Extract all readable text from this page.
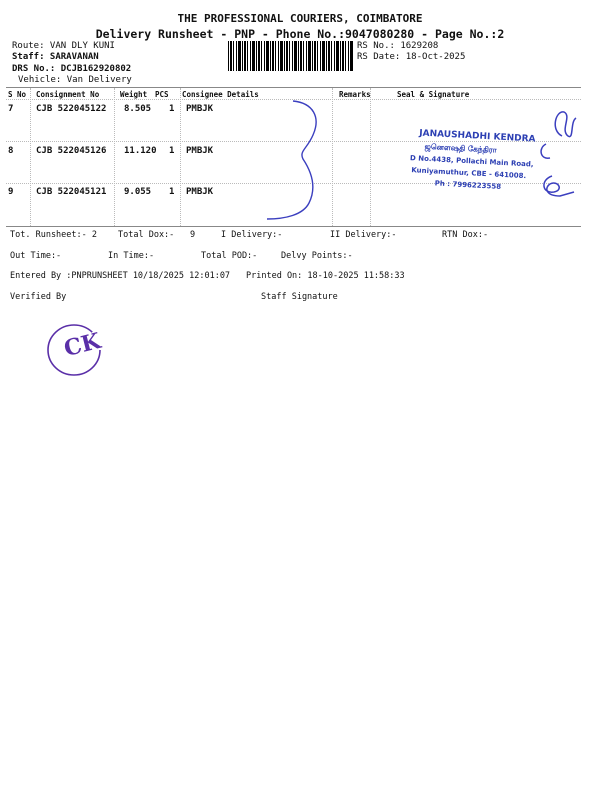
THE PROFESSIONAL COURIERS, COIMBATORE
Delivery Runsheet - PNP - Phone No.:9047080280 - Page No.:2
Route: VAN DLY KUNI
Staff: SARAVANAN
DRS No.: DCJB162920802
Vehicle: Van Delivery
RS No.: 1629208
RS Date: 18-Oct-2025
S No Consignment No	Weight PCS Consignee Details	Remarks	Seal & Signature
7	CJB 522045122 8.505 1 PMBJK
8	CJB 522045126 11.120 1 PMBJK
9	CJB 522045121 9.055 1 PMBJK
JANAUSHADHI KENDRA
ஜனௌஷதி கேந்திரா
D No.4438, Pollachi Main Road,
Kuniyamuthur, CBE - 641008.
Ph : 7996223558
Tot. Runsheet:- 2 Total Dox:- 9	I Delivery:-	II Delivery:-	RTN Dox:-
Out Time:-	In Time:-	Total POD:-	Delvy Points:-
Entered By :PNPRUNSHEET 10/18/2025 12:01:07 Printed On: 18-10-2025 11:58:33
Verified By	Staff Signature
CK
